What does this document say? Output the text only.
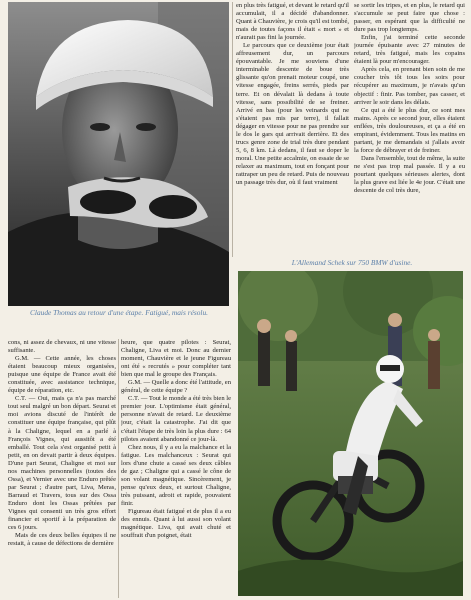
Claude Thomas au retour d'une étape. Fatigué, mais résolu.

en plus très fatigué, et devant le retard qu'il accumulait, il a décidé d'abandonner. Quant à Chauvière, je crois qu'il est tombé, mais de toutes façons il était « mort » et n'aurait pas fini la journée.

Le parcours que ce deuxième jour était affreusement dur, un parcours épouvantable. Je me souviens d'une interminable descente de boue très glissante qu'on prenait moteur coupé, une vitesse engagée, freins serrés, pieds par terre. Et on dévalait là dedans à toute vitesse, sans possibilité de se freiner. Arrivé en bas (pour les veinards qui ne s'étaient pas mis par terre), il fallait dégager en vitesse pour ne pas prendre sur le dos le gars qui arrivait derrière. Et des trucs genre zone de trial très dure pendant 5, 6, 8 km. Là dedans, il faut se doper le moral. Une petite accalmie, on essaie de se relaxer au maximum, tout en fonçant pour rattraper un peu de retard. Puis de nouveau un passage très dur, où il faut vraiment

se sortir les tripes, et en plus, le retard qui s'accumule se peut faire que chose : passer, en espérant que la difficulté ne dure pas trop longtemps.

Enfin, j'ai terminé cette seconde journée épuisante avec 27 minutes de retard, très fatigué, mais les copains étaient là pour m'encourager.

Après cela, en prenant bien soin de me coucher très tôt tous les soirs pour récupérer au maximum, je n'avais qu'un objectif : finir. Pas tomber, pas casser, et arriver le soir dans les délais.

Ce qui a été le plus dur, ce sont mes mains. Après ce second jour, elles étaient enflées, très douloureuses, et ça a été en empirant, évidemment. Tous les matins en partant, je me demandais si j'allais avoir la force de débrayer et de freiner.

Dans l'ensemble, tout de même, la suite ne s'est pas trop mal passée. Il y a eu pourtant quelques sérieuses alertes, dont la plus grave est liée le 4e jour. C'était une descente de col très dure,

L'Allemand Schek sur 750 BMW d'usine.

cons, ni assez de chevaux, ni une vitesse suffisante.

G.M. — Cette année, les choses étaient beaucoup mieux organisées, puisque une équipe de France avait été constituée, avec assistance technique, équipe de réparation, etc.

C.T. — Oui, mais ça n'a pas marché tout seul malgré un bon départ. Seurat et moi avions discuté de l'intérêt de constituer une équipe française, qui plût à la Chaligne, lequel en a parlé à François Vignes, qui aussitôt a été emballé. Tout cela s'est organisé petit à petit, en on devait partir à deux équipes. D'une part Seurat, Chaligne et moi sur nos machines personnelles (toutes des Ossa), et Vernier avec une Enduro prêtée par Seurat ; d'autre part, Liva, Meras, Barraud et Travers, tous sur des Ossa Enduro dont les Ossas prêtées par Vignes qui consenti un très gros effort financier et sportif à la préparation de ces 6 jours.

Mais de ces deux belles équipes il ne restait, à cause de défections de dernière

heure, que quatre pilotes : Seurat, Chaligne, Liva et moi. Donc au dernier moment, Chauvière et le jeune Figureau ont été « recrutés » pour compléter tant bien que mal le groupe des Français.

G.M. — Quelle a donc été l'attitude, en général, de cette équipe ?

C.T. — Tout le monde a été très bien le premier jour. L'optimisme était général, personne n'avait de retard. Le deuxième jour, c'était la catastrophe. J'ai dit que c'était l'étape de très loin la plus dure : 64 pilotes avaient abandonné ce jour-là.

Chez nous, il y a eu la malchance et la fatigue. Les malchanceux : Seurat qui lors d'une chute a cassé ses deux câbles de gaz ; Chaligne qui a cassé le cône de son volant magnétique. Sincèrement, je pense qu'eux deux, et surtout Chaligne, très puissant, adroit et rapide, pouvaient finir.

Figureau était fatigué et de plus il a eu des ennuis. Quant à lui aussi son volant magnétique. Liva, qui avait chuté et souffrait d'un poignet, était
